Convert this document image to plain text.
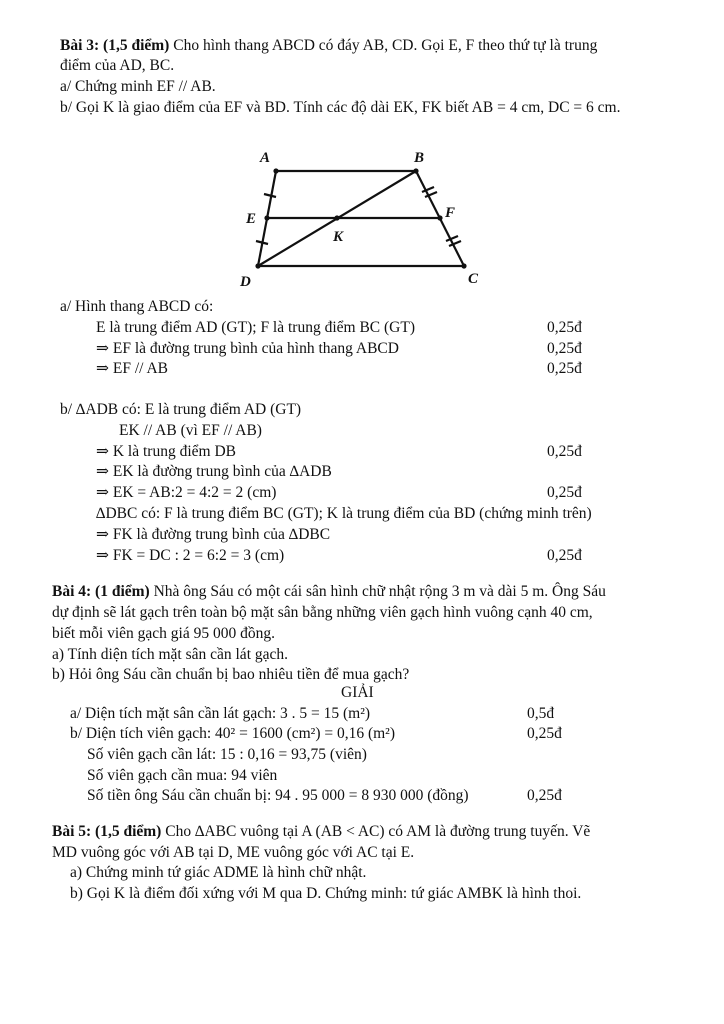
Bài 3: (1,5 điểm) Cho hình thang ABCD có đáy AB, CD. Gọi E, F theo thứ tự là trung
điểm của AD, BC.
a/ Chứng minh EF // AB.
b/ Gọi K là giao điểm của EF và BD. Tính các độ dài EK, FK biết AB = 4 cm, DC = 6 cm.
A	B
C
D
E	F
K
a/ Hình thang ABCD có:
E là trung điểm AD (GT); F là trung điểm BC (GT)	0,25đ
⇒ EF là đường trung bình của hình thang ABCD	0,25đ
⇒ EF // AB	0,25đ
b/ ∆ADB có: E là trung điểm AD (GT)
EK // AB (vì EF // AB)
⇒ K là trung điểm DB	0,25đ
⇒ EK là đường trung bình của ∆ADB
⇒ EK = AB:2 = 4:2 = 2 (cm)	0,25đ
∆DBC có: F là trung điểm BC (GT); K là trung điểm của BD (chứng minh trên)
⇒ FK là đường trung bình của ∆DBC
⇒ FK = DC : 2 = 6:2 = 3 (cm)	0,25đ
Bài 4: (1 điểm) Nhà ông Sáu có một cái sân hình chữ nhật rộng 3 m và dài 5 m. Ông Sáu
dự định sẽ lát gạch trên toàn bộ mặt sân bằng những viên gạch hình vuông cạnh 40 cm,
biết mỗi viên gạch giá 95 000 đồng.
a) Tính diện tích mặt sân cần lát gạch.
b) Hỏi ông Sáu cần chuẩn bị bao nhiêu tiền để mua gạch?
GIẢI
a/ Diện tích mặt sân cần lát gạch: 3 . 5 = 15 (m²)	0,5đ
b/ Diện tích viên gạch: 40² = 1600 (cm²) = 0,16 (m²)	0,25đ
Số viên gạch cần lát: 15 : 0,16 = 93,75 (viên)
Số viên gạch cần mua: 94 viên
Số tiền ông Sáu cần chuẩn bị: 94 . 95 000 = 8 930 000 (đồng)	0,25đ
Bài 5: (1,5 điểm) Cho ∆ABC vuông tại A (AB < AC) có AM là đường trung tuyến. Vẽ
MD vuông góc với AB tại D, ME vuông góc với AC tại E.
a) Chứng minh tứ giác ADME là hình chữ nhật.
b) Gọi K là điểm đối xứng với M qua D. Chứng minh: tứ giác AMBK là hình thoi.
